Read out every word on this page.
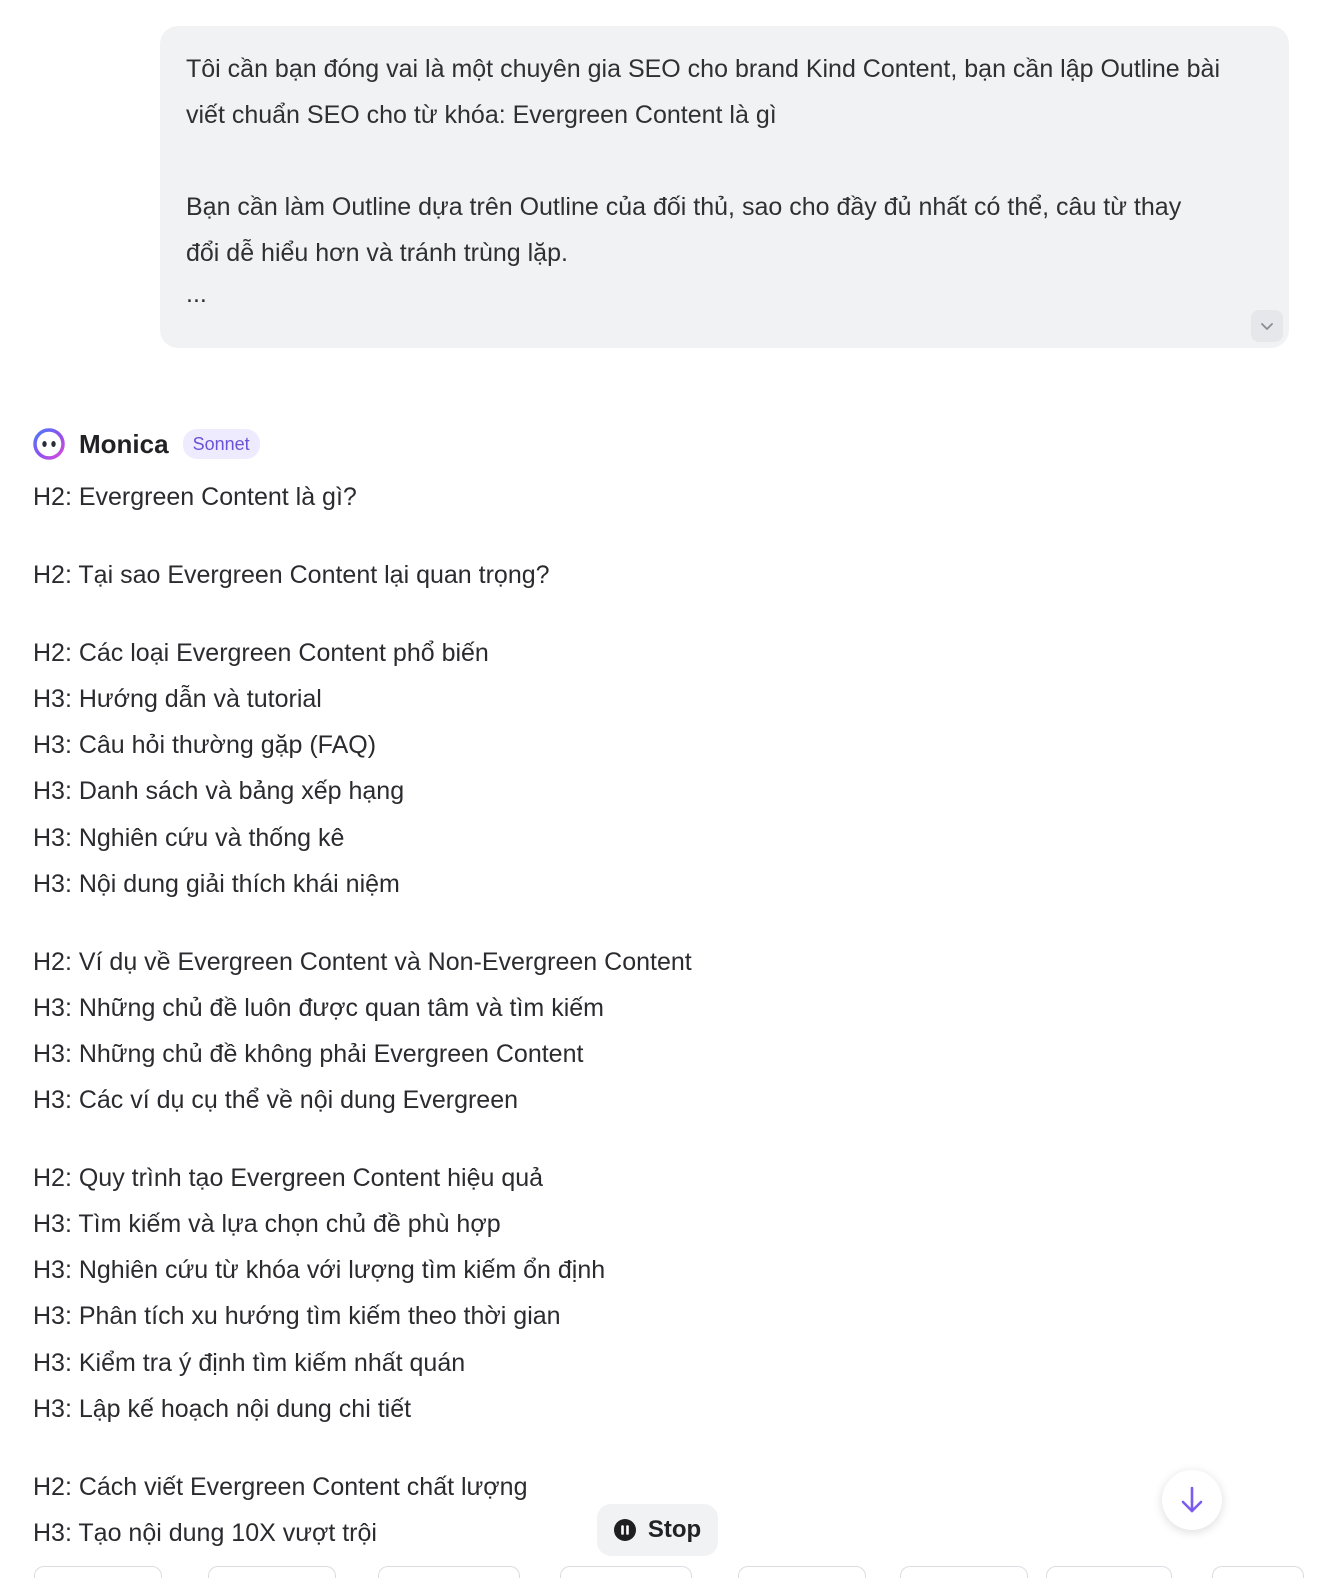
Tôi cần bạn đóng vai là một chuyên gia SEO cho brand Kind Content, bạn cần lập Outline bài

viết chuẩn SEO cho từ khóa: Evergreen Content là gì

Bạn cần làm Outline dựa trên Outline của đối thủ, sao cho đầy đủ nhất có thể, câu từ thay

đổi dễ hiểu hơn và tránh trùng lặp.

...
Monica	Sonnet

H2: Evergreen Content là gì?

H2: Tại sao Evergreen Content lại quan trọng?

H2: Các loại Evergreen Content phổ biến

H3: Hướng dẫn và tutorial

H3: Câu hỏi thường gặp (FAQ)

H3: Danh sách và bảng xếp hạng

H3: Nghiên cứu và thống kê

H3: Nội dung giải thích khái niệm

H2: Ví dụ về Evergreen Content và Non-Evergreen Content

H3: Những chủ đề luôn được quan tâm và tìm kiếm

H3: Những chủ đề không phải Evergreen Content

H3: Các ví dụ cụ thể về nội dung Evergreen

H2: Quy trình tạo Evergreen Content hiệu quả

H3: Tìm kiếm và lựa chọn chủ đề phù hợp

H3: Nghiên cứu từ khóa với lượng tìm kiếm ổn định

H3: Phân tích xu hướng tìm kiếm theo thời gian

H3: Kiểm tra ý định tìm kiếm nhất quán

H3: Lập kế hoạch nội dung chi tiết

H2: Cách viết Evergreen Content chất lượng

H3: Tạo nội dung 10X vượt trội	Stop
